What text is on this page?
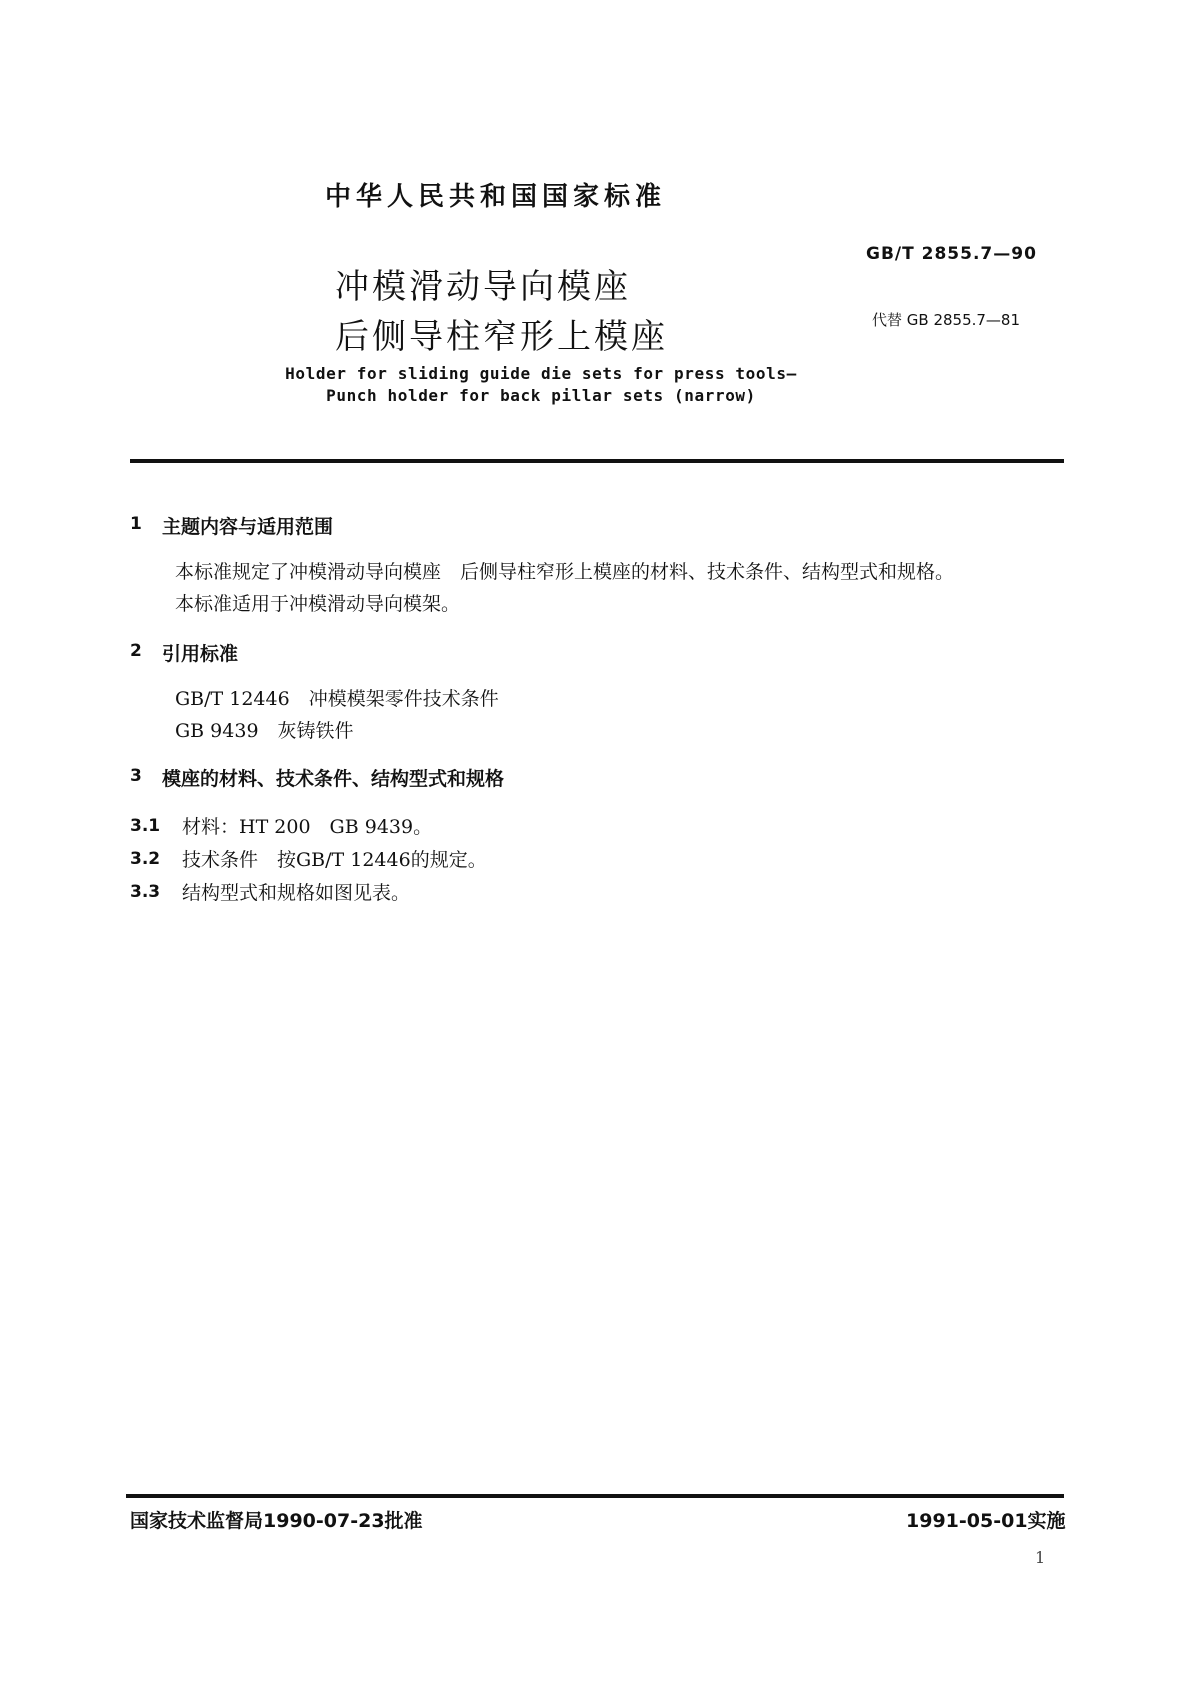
中华人民共和国国家标准
GB/T 2855.7—90
代替 GB 2855.7—81
冲模滑动导向模座
后侧导柱窄形上模座
Holder for sliding guide die sets for press tools—
Punch holder for back pillar sets (narrow)
1 主题内容与适用范围
本标准规定了冲模滑动导向模座　后侧导柱窄形上模座的材料、技术条件、结构型式和规格。
本标准适用于冲模滑动导向模架。
2 引用标准
GB/T 12446　冲模模架零件技术条件
GB 9439　灰铸铁件
3 模座的材料、技术条件、结构型式和规格
3.1 材料：HT 200　GB 9439。
3.2 技术条件　按GB/T 12446的规定。
3.3 结构型式和规格如图见表。
国家技术监督局1990-07-23批准	1991-05-01实施
1
